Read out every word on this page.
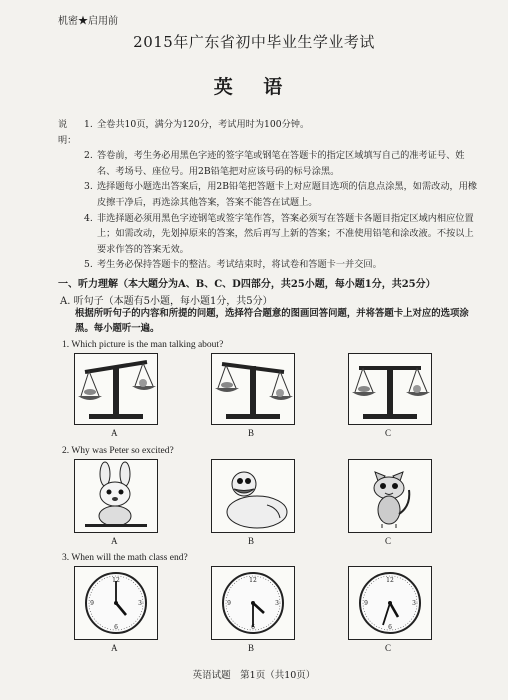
机密★启用前
2015年广东省初中毕业生学业考试
英 语
说明：
1. 全卷共10页，满分为120分，考试用时为100分钟。
2. 答卷前，考生务必用黑色字迹的签字笔或钢笔在答题卡的指定区域填写自己的准考证号、姓名、考场号、座位号。用2B铅笔把对应该号码的标号涂黑。
3. 选择题每小题选出答案后，用2B铅笔把答题卡上对应题目选项的信息点涂黑，如需改动，用橡皮擦干净后，再选涂其他答案，答案不能答在试题上。
4. 非选择题必须用黑色字迹钢笔或签字笔作答，答案必须写在答题卡各题目指定区域内相应位置上；如需改动，先划掉原来的答案，然后再写上新的答案；不准使用铅笔和涂改液。不按以上要求作答的答案无效。
5. 考生务必保持答题卡的整洁。考试结束时，将试卷和答题卡一并交回。
一、听力理解（本大题分为A、B、C、D四部分，共25小题，每小题1分，共25分）
A. 听句子（本题有5小题，每小题1分，共5分）
根据所听句子的内容和所提的问题，选择符合题意的图画回答问题，并将答题卡上对应的选项涂黑。每小题听一遍。
1. Which picture is the man talking about?
A	B	C
2. Why was Peter so excited?
A	B	C
3. When will the math class end?
12
3
6
9
12
3
6
9
12
3
6
9
A	B	C
英语试题　第1页（共10页）
